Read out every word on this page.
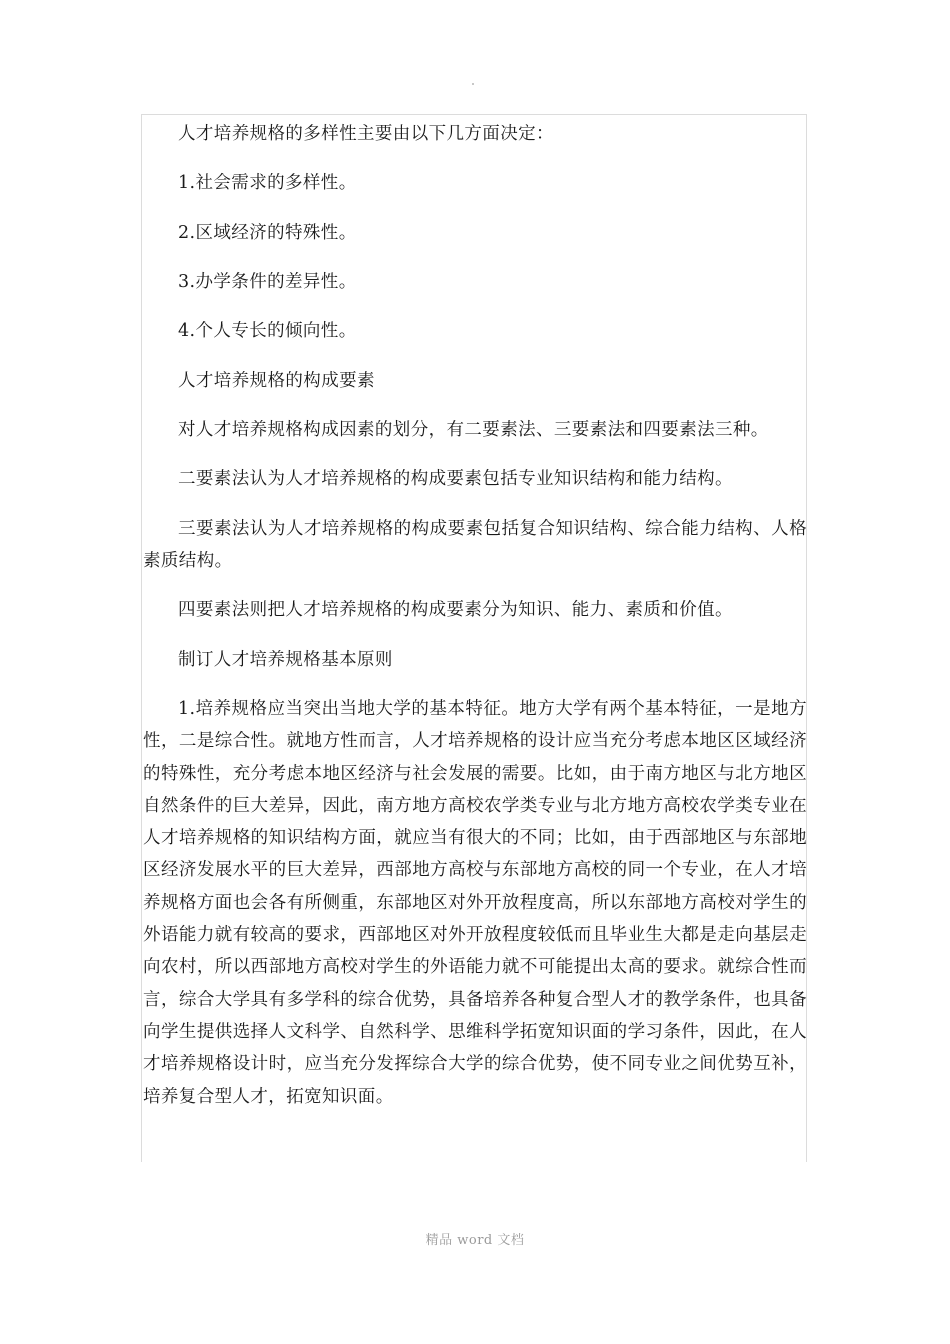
人才培养规格的多样性主要由以下几方面决定：

1.社会需求的多样性。

2.区域经济的特殊性。

3.办学条件的差异性。

4.个人专长的倾向性。

人才培养规格的构成要素

对人才培养规格构成因素的划分，有二要素法、三要素法和四要素法三种。

二要素法认为人才培养规格的构成要素包括专业知识结构和能力结构。

三要素法认为人才培养规格的构成要素包括复合知识结构、综合能力结构、人格素质结构。

四要素法则把人才培养规格的构成要素分为知识、能力、素质和价值。

制订人才培养规格基本原则

1.培养规格应当突出当地大学的基本特征。地方大学有两个基本特征，一是地方性，二是综合性。就地方性而言，人才培养规格的设计应当充分考虑本地区区域经济的特殊性，充分考虑本地区经济与社会发展的需要。比如，由于南方地区与北方地区自然条件的巨大差异，因此，南方地方高校农学类专业与北方地方高校农学类专业在人才培养规格的知识结构方面，就应当有很大的不同；比如，由于西部地区与东部地区经济发展水平的巨大差异，西部地方高校与东部地方高校的同一个专业，在人才培养规格方面也会各有所侧重，东部地区对外开放程度高，所以东部地方高校对学生的外语能力就有较高的要求，西部地区对外开放程度较低而且毕业生大都是走向基层走向农村，所以西部地方高校对学生的外语能力就不可能提出太高的要求。就综合性而言，综合大学具有多学科的综合优势，具备培养各种复合型人才的教学条件，也具备向学生提供选择人文科学、自然科学、思维科学拓宽知识面的学习条件，因此，在人才培养规格设计时，应当充分发挥综合大学的综合优势，使不同专业之间优势互补，培养复合型人才，拓宽知识面。

精品 word 文档
